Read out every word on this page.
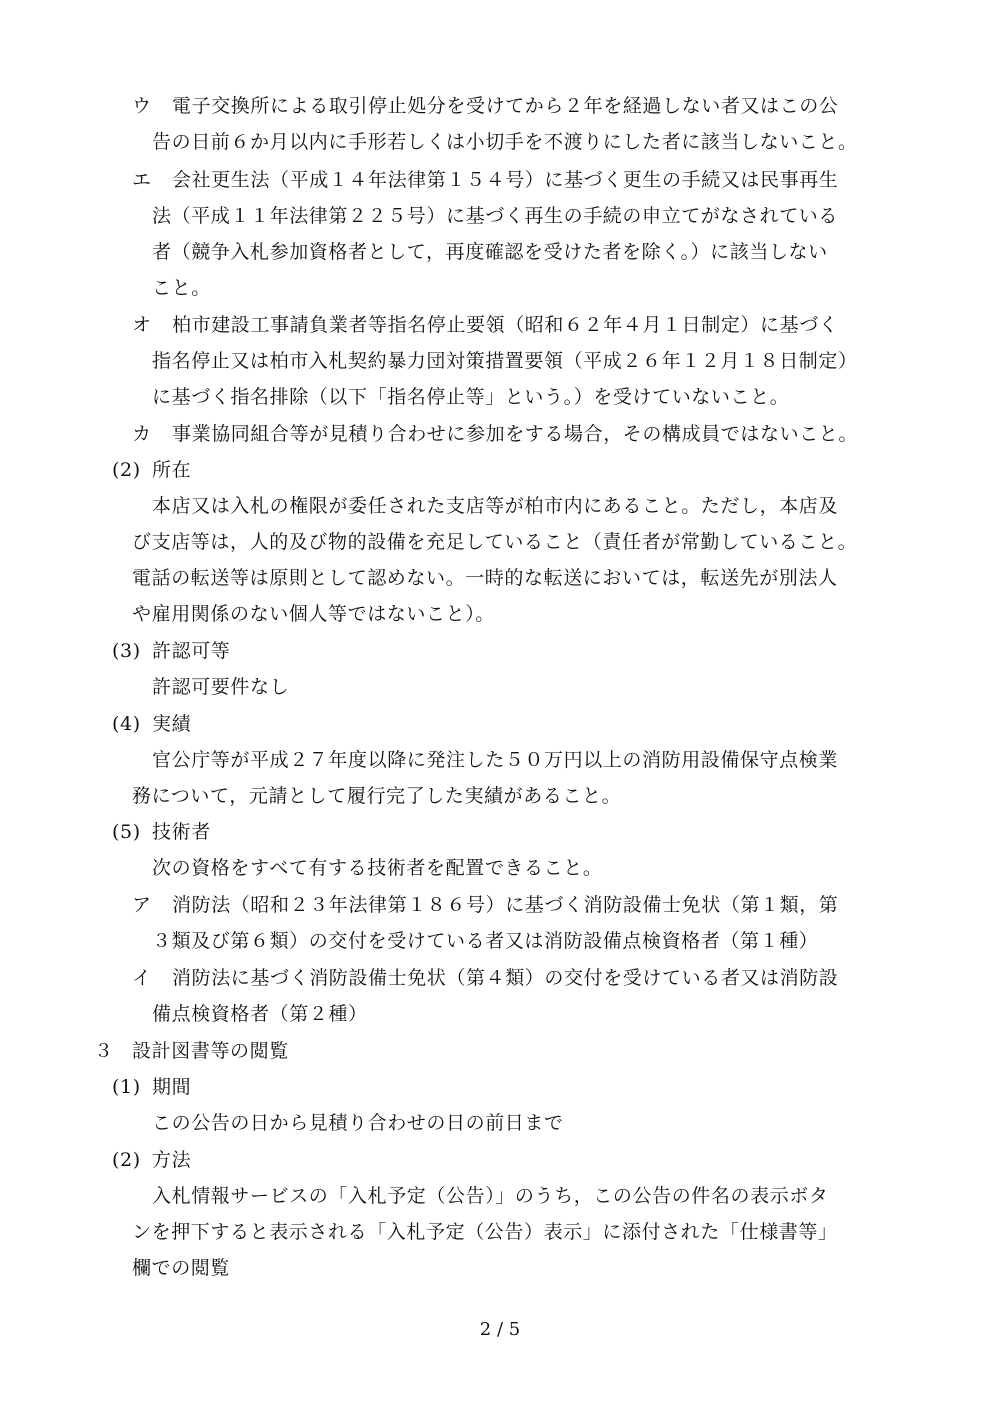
ウ 電子交換所による取引停止処分を受けてから２年を経過しない者又はこの公
告の日前６か月以内に手形若しくは小切手を不渡りにした者に該当しないこと。
エ 会社更生法（平成１４年法律第１５４号）に基づく更生の手続又は民事再生
法（平成１１年法律第２２５号）に基づく再生の手続の申立てがなされている
者（競争入札参加資格者として，再度確認を受けた者を除く。）に該当しない
こと。
オ 柏市建設工事請負業者等指名停止要領（昭和６２年４月１日制定）に基づく
指名停止又は柏市入札契約暴力団対策措置要領（平成２６年１２月１８日制定）
に基づく指名排除（以下「指名停止等」という。）を受けていないこと。
カ 事業協同組合等が見積り合わせに参加をする場合，その構成員ではないこと。
(2) 所在
本店又は入札の権限が委任された支店等が柏市内にあること。ただし，本店及
び支店等は，人的及び物的設備を充足していること（責任者が常勤していること。
電話の転送等は原則として認めない。一時的な転送においては，転送先が別法人
や雇用関係のない個人等ではないこと）。
(3) 許認可等
許認可要件なし
(4) 実績
官公庁等が平成２７年度以降に発注した５０万円以上の消防用設備保守点検業
務について，元請として履行完了した実績があること。
(5) 技術者
次の資格をすべて有する技術者を配置できること。
ア 消防法（昭和２３年法律第１８６号）に基づく消防設備士免状（第１類，第
３類及び第６類）の交付を受けている者又は消防設備点検資格者（第１種）
イ 消防法に基づく消防設備士免状（第４類）の交付を受けている者又は消防設
備点検資格者（第２種）
３ 設計図書等の閲覧
(1) 期間
この公告の日から見積り合わせの日の前日まで
(2) 方法
入札情報サービスの「入札予定（公告）」のうち，この公告の件名の表示ボタ
ンを押下すると表示される「入札予定（公告）表示」に添付された「仕様書等」
欄での閲覧
2 / 5
